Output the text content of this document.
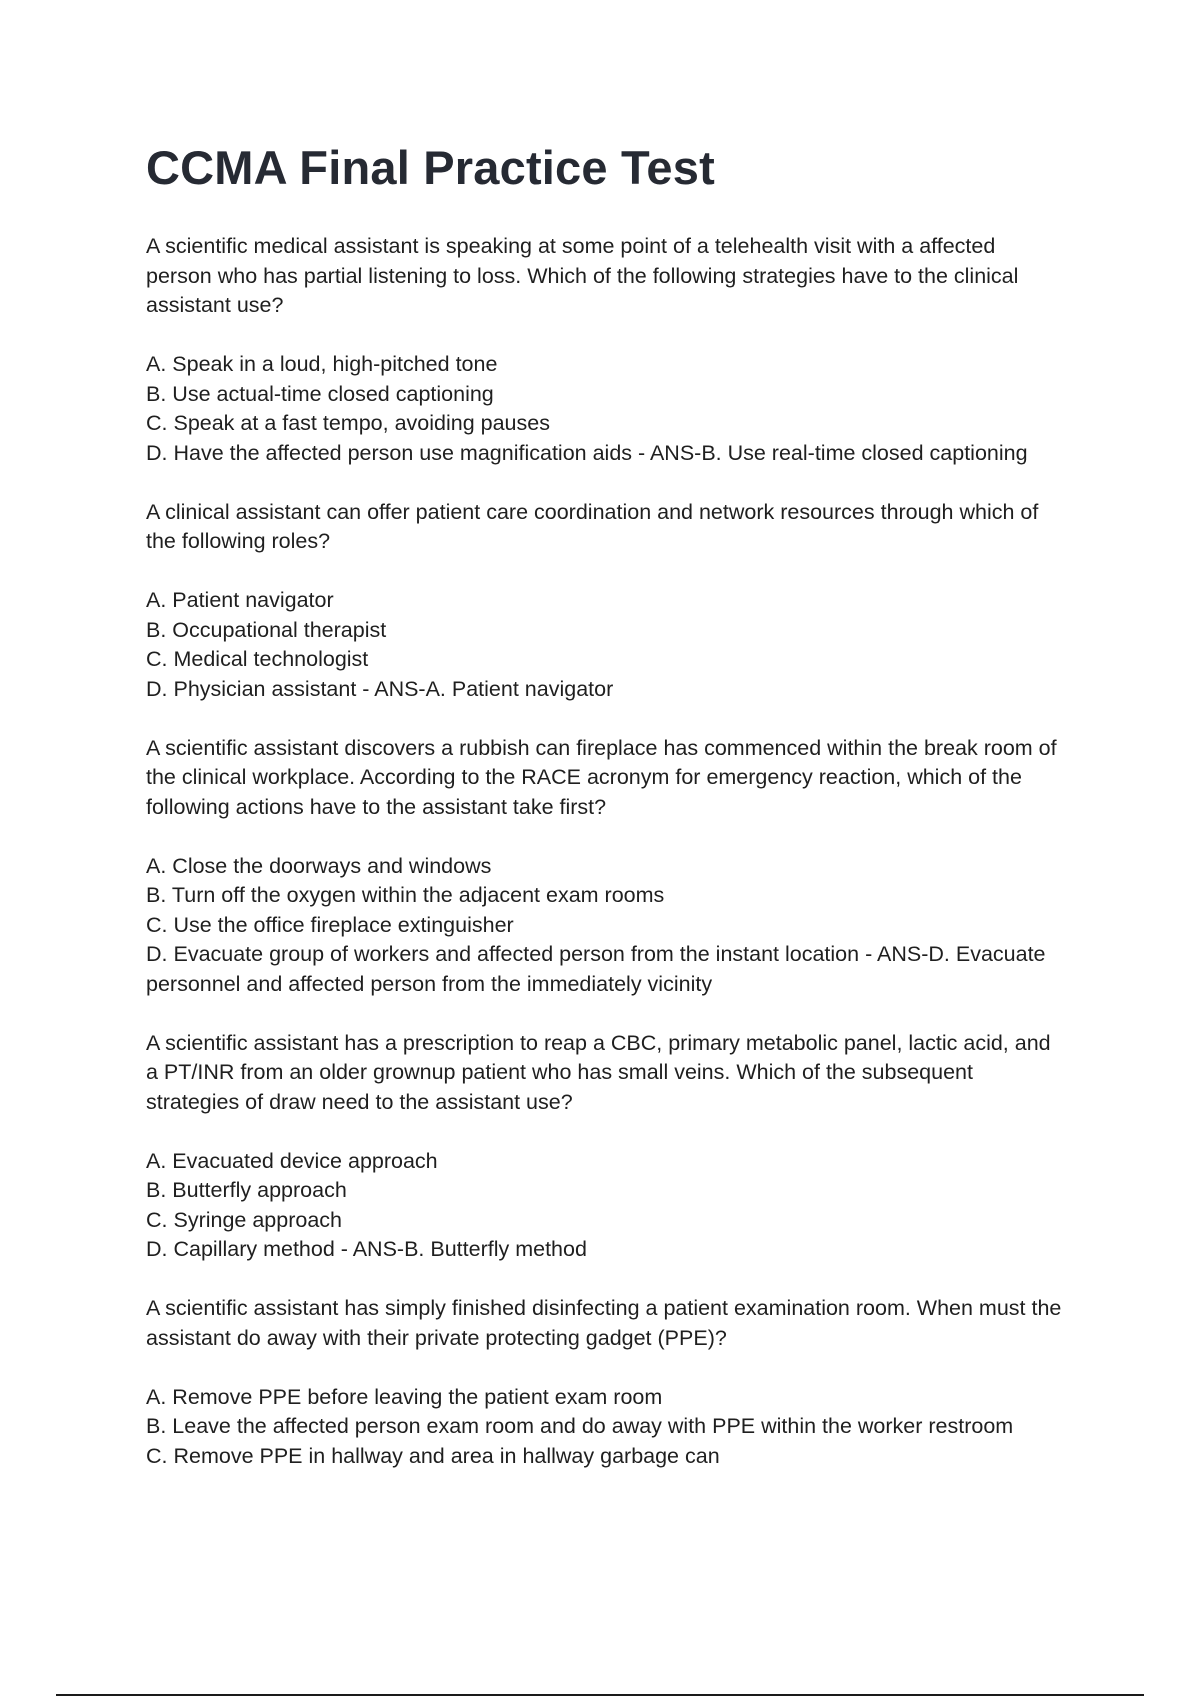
CCMA Final Practice Test

A scientific medical assistant is speaking at some point of a telehealth visit with a affected person who has partial listening to loss. Which of the following strategies have to the clinical assistant use?

A. Speak in a loud, high-pitched tone
B. Use actual-time closed captioning
C. Speak at a fast tempo, avoiding pauses
D. Have the affected person use magnification aids - ANS-B. Use real-time closed captioning

A clinical assistant can offer patient care coordination and network resources through which of the following roles?

A. Patient navigator
B. Occupational therapist
C. Medical technologist
D. Physician assistant - ANS-A. Patient navigator

A scientific assistant discovers a rubbish can fireplace has commenced within the break room of the clinical workplace. According to the RACE acronym for emergency reaction, which of the following actions have to the assistant take first?

A. Close the doorways and windows
B. Turn off the oxygen within the adjacent exam rooms
C. Use the office fireplace extinguisher
D. Evacuate group of workers and affected person from the instant location - ANS-D. Evacuate personnel and affected person from the immediately vicinity

A scientific assistant has a prescription to reap a CBC, primary metabolic panel, lactic acid, and a PT/INR from an older grownup patient who has small veins. Which of the subsequent strategies of draw need to the assistant use?

A. Evacuated device approach
B. Butterfly approach
C. Syringe approach
D. Capillary method - ANS-B. Butterfly method

A scientific assistant has simply finished disinfecting a patient examination room. When must the assistant do away with their private protecting gadget (PPE)?

A. Remove PPE before leaving the patient exam room
B. Leave the affected person exam room and do away with PPE within the worker restroom
C. Remove PPE in hallway and area in hallway garbage can
